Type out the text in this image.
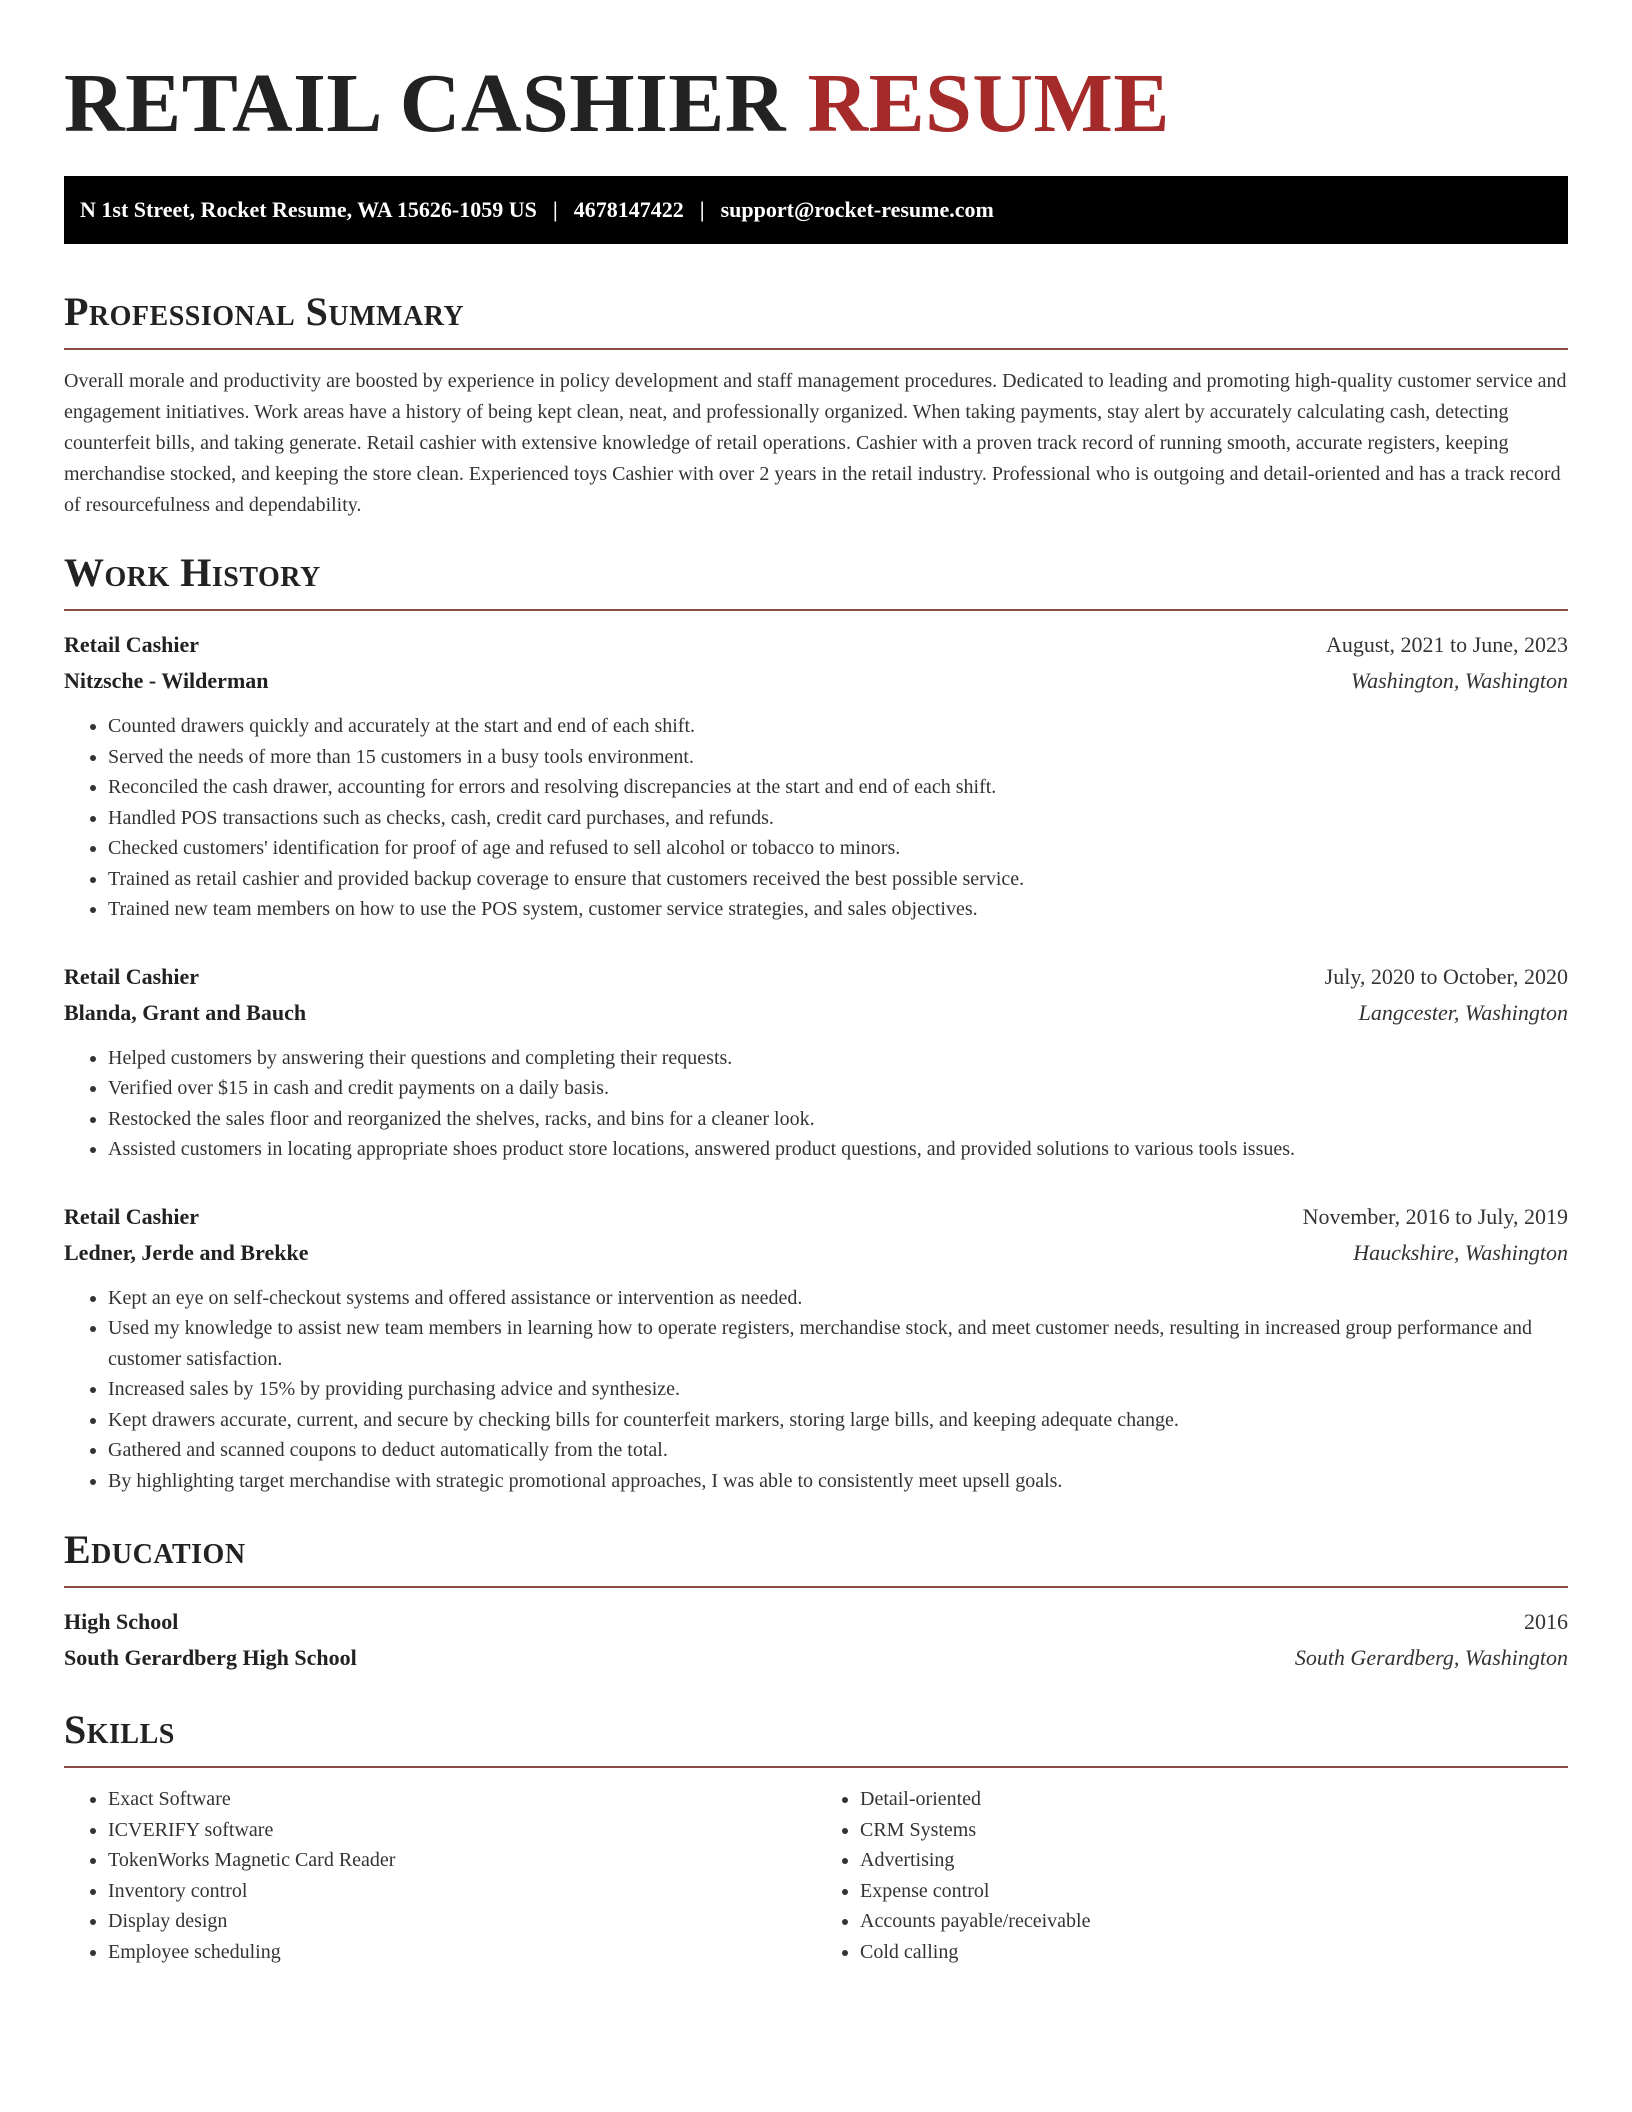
RETAIL CASHIER RESUME
N 1st Street, Rocket Resume, WA 15626-1059 US | 4678147422 | support@rocket-resume.com
Professional Summary

Overall morale and productivity are boosted by experience in policy development and staff management procedures. Dedicated to leading and promoting high-quality customer service and engagement initiatives. Work areas have a history of being kept clean, neat, and professionally organized. When taking payments, stay alert by accurately calculating cash, detecting counterfeit bills, and taking generate. Retail cashier with extensive knowledge of retail operations. Cashier with a proven track record of running smooth, accurate registers, keeping merchandise stocked, and keeping the store clean. Experienced toys Cashier with over 2 years in the retail industry. Professional who is outgoing and detail-oriented and has a track record of resourcefulness and dependability.

Work History
Retail Cashier	August, 2021 to June, 2023
Nitzsche - Wilderman	Washington, Washington
• Counted drawers quickly and accurately at the start and end of each shift.
• Served the needs of more than 15 customers in a busy tools environment.
• Reconciled the cash drawer, accounting for errors and resolving discrepancies at the start and end of each shift.
• Handled POS transactions such as checks, cash, credit card purchases, and refunds.
• Checked customers' identification for proof of age and refused to sell alcohol or tobacco to minors.
• Trained as retail cashier and provided backup coverage to ensure that customers received the best possible service.
• Trained new team members on how to use the POS system, customer service strategies, and sales objectives.
Retail Cashier	July, 2020 to October, 2020
Blanda, Grant and Bauch	Langcester, Washington
• Helped customers by answering their questions and completing their requests.
• Verified over $15 in cash and credit payments on a daily basis.
• Restocked the sales floor and reorganized the shelves, racks, and bins for a cleaner look.
• Assisted customers in locating appropriate shoes product store locations, answered product questions, and provided solutions to various tools issues.
Retail Cashier	November, 2016 to July, 2019
Ledner, Jerde and Brekke	Hauckshire, Washington
• Kept an eye on self-checkout systems and offered assistance or intervention as needed.
• Used my knowledge to assist new team members in learning how to operate registers, merchandise stock, and meet customer needs, resulting in increased group performance and customer satisfaction.
• Increased sales by 15% by providing purchasing advice and synthesize.
• Kept drawers accurate, current, and secure by checking bills for counterfeit markers, storing large bills, and keeping adequate change.
• Gathered and scanned coupons to deduct automatically from the total.
• By highlighting target merchandise with strategic promotional approaches, I was able to consistently meet upsell goals.
Education
High School	2016
South Gerardberg High School	South Gerardberg, Washington
Skills
• Exact Software
• ICVERIFY software
• TokenWorks Magnetic Card Reader
• Inventory control
• Display design
• Employee scheduling
• Detail-oriented
• CRM Systems
• Advertising
• Expense control
• Accounts payable/receivable
• Cold calling
